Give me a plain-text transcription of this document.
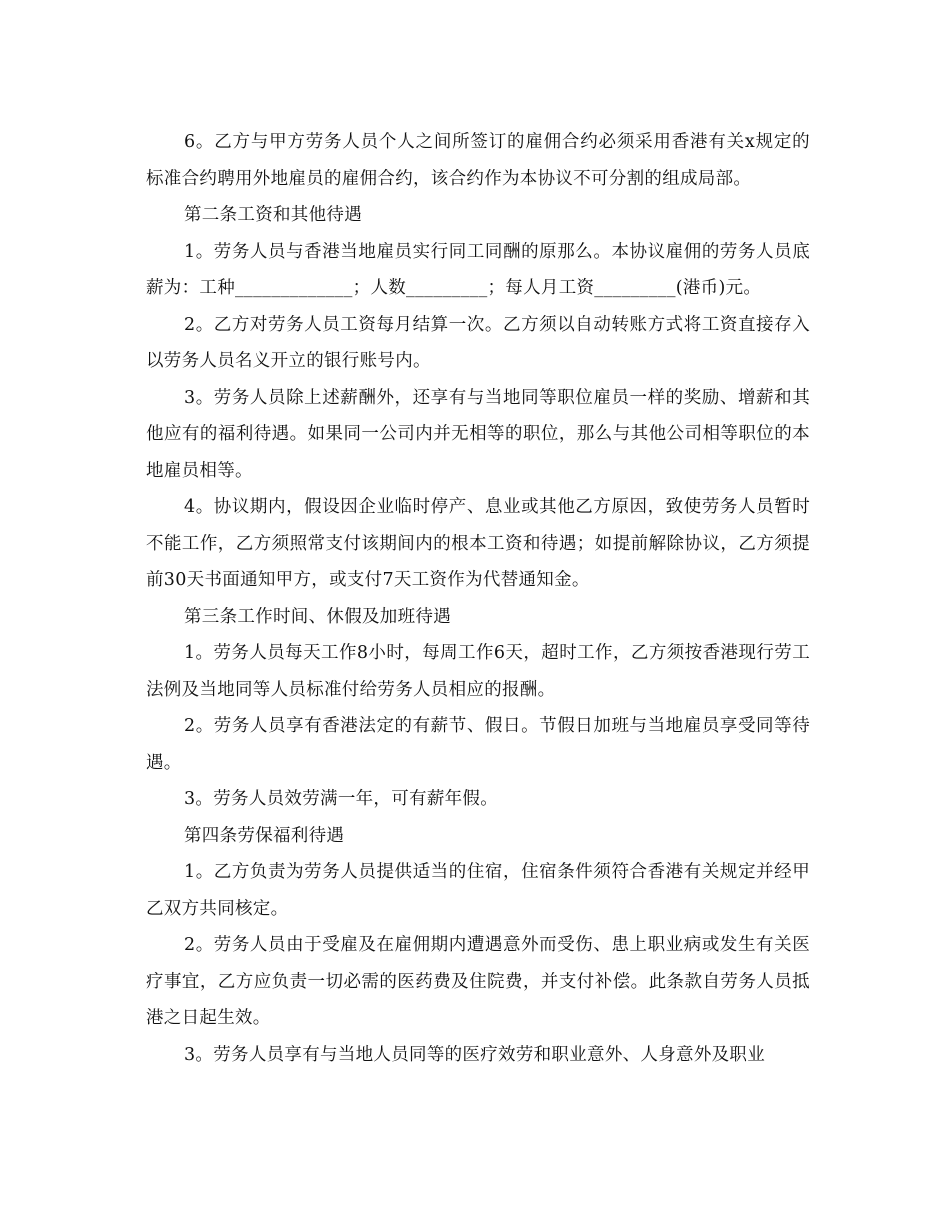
6。乙方与甲方劳务人员个人之间所签订的雇佣合约必须采用香港有关x规定的标准合约聘用外地雇员的雇佣合约，该合约作为本协议不可分割的组成局部。

第二条工资和其他待遇

1。劳务人员与香港当地雇员实行同工同酬的原那么。本协议雇佣的劳务人员底薪为：工种_____________；人数_________；每人月工资_________(港币)元。

2。乙方对劳务人员工资每月结算一次。乙方须以自动转账方式将工资直接存入以劳务人员名义开立的银行账号内。

3。劳务人员除上述薪酬外，还享有与当地同等职位雇员一样的奖励、增薪和其他应有的福利待遇。如果同一公司内并无相等的职位，那么与其他公司相等职位的本地雇员相等。

4。协议期内，假设因企业临时停产、息业或其他乙方原因，致使劳务人员暂时不能工作，乙方须照常支付该期间内的根本工资和待遇；如提前解除协议，乙方须提前30天书面通知甲方，或支付7天工资作为代替通知金。

第三条工作时间、休假及加班待遇

1。劳务人员每天工作8小时，每周工作6天，超时工作，乙方须按香港现行劳工法例及当地同等人员标准付给劳务人员相应的报酬。

2。劳务人员享有香港法定的有薪节、假日。节假日加班与当地雇员享受同等待遇。

3。劳务人员效劳满一年，可有薪年假。

第四条劳保福利待遇

1。乙方负责为劳务人员提供适当的住宿，住宿条件须符合香港有关规定并经甲乙双方共同核定。

2。劳务人员由于受雇及在雇佣期内遭遇意外而受伤、患上职业病或发生有关医疗事宜，乙方应负责一切必需的医药费及住院费，并支付补偿。此条款自劳务人员抵港之日起生效。

3。劳务人员享有与当地人员同等的医疗效劳和职业意外、人身意外及职业
